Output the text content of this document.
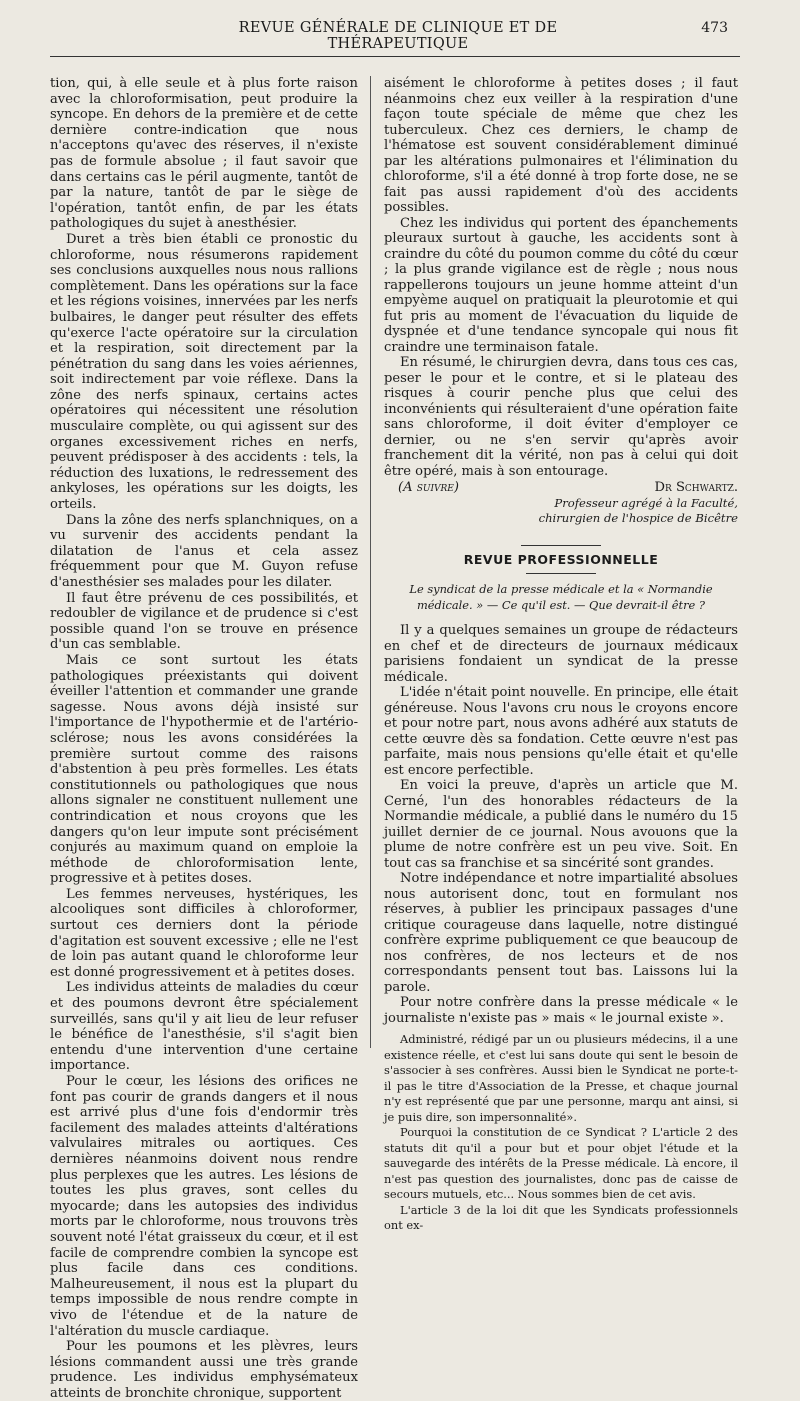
REVUE GÉNÉRALE DE CLINIQUE ET DE THÉRAPEUTIQUE
473

tion, qui, à elle seule et à plus forte raison avec la chloroformisation, peut produire la syncope. En dehors de la première et de cette dernière contre-indication que nous n'acceptons qu'avec des réserves, il n'existe pas de formule absolue ; il faut savoir que dans certains cas le péril augmente, tantôt de par la nature, tantôt de par le siège de l'opération, tantôt enfin, de par les états pathologiques du sujet à anesthésier.

Duret a très bien établi ce pronostic du chloroforme, nous résumerons rapidement ses conclusions auxquelles nous nous rallions complètement. Dans les opérations sur la face et les régions voisines, innervées par les nerfs bulbaires, le danger peut résulter des effets qu'exerce l'acte opératoire sur la circulation et la respiration, soit directement par la pénétration du sang dans les voies aériennes, soit indirectement par voie réflexe. Dans la zône des nerfs spinaux, certains actes opératoires qui nécessitent une résolution musculaire complète, ou qui agissent sur des organes excessivement riches en nerfs, peuvent prédisposer à des accidents : tels, la réduction des luxations, le redressement des ankyloses, les opérations sur les doigts, les orteils.

Dans la zône des nerfs splanchniques, on a vu survenir des accidents pendant la dilatation de l'anus et cela assez fréquemment pour que M. Guyon refuse d'anesthésier ses malades pour les dilater.

Il faut être prévenu de ces possibilités, et redoubler de vigilance et de prudence si c'est possible quand l'on se trouve en présence d'un cas semblable.

Mais ce sont surtout les états pathologiques préexistants qui doivent éveiller l'attention et commander une grande sagesse. Nous avons déjà insisté sur l'importance de l'hypothermie et de l'artério-sclérose; nous les avons considérées la première surtout comme des raisons d'abstention à peu près formelles. Les états constitutionnels ou pathologiques que nous allons signaler ne constituent nullement une contrindication et nous croyons que les dangers qu'on leur impute sont précisément conjurés au maximum quand on emploie la méthode de chloroformisation lente, progressive et à petites doses.

Les femmes nerveuses, hystériques, les alcooliques sont difficiles à chloroformer, surtout ces derniers dont la période d'agitation est souvent excessive ; elle ne l'est de loin pas autant quand le chloroforme leur est donné progressivement et à petites doses.

Les individus atteints de maladies du cœur et des poumons devront être spécialement surveillés, sans qu'il y ait lieu de leur refuser le bénéfice de l'anesthésie, s'il s'agit bien entendu d'une intervention d'une certaine importance.

Pour le cœur, les lésions des orifices ne font pas courir de grands dangers et il nous est arrivé plus d'une fois d'endormir très facilement des malades atteints d'altérations valvulaires mitrales ou aortiques. Ces dernières néanmoins doivent nous rendre plus perplexes que les autres. Les lésions de toutes les plus graves, sont celles du myocarde; dans les autopsies des individus morts par le chloroforme, nous trouvons très souvent noté l'état graisseux du cœur, et il est facile de comprendre combien la syncope est plus facile dans ces conditions. Malheureusement, il nous est la plupart du temps impossible de nous rendre compte in vivo de l'étendue et de la nature de l'altération du muscle cardiaque.

Pour les poumons et les plèvres, leurs lésions commandent aussi une très grande prudence. Les individus emphysémateux atteints de bronchite chronique, supportent

aisément le chloroforme à petites doses ; il faut néanmoins chez eux veiller à la respiration d'une façon toute spéciale de même que chez les tuberculeux. Chez ces derniers, le champ de l'hématose est souvent considérablement diminué par les altérations pulmonaires et l'élimination du chloroforme, s'il a été donné à trop forte dose, ne se fait pas aussi rapidement d'où des accidents possibles.

Chez les individus qui portent des épanchements pleuraux surtout à gauche, les accidents sont à craindre du côté du poumon comme du côté du cœur ; la plus grande vigilance est de règle ; nous nous rappellerons toujours un jeune homme atteint d'un empyème auquel on pratiquait la pleurotomie et qui fut pris au moment de l'évacuation du liquide de dyspnée et d'une tendance syncopale qui nous fit craindre une terminaison fatale.

En résumé, le chirurgien devra, dans tous ces cas, peser le pour et le contre, et si le plateau des risques à courir penche plus que celui des inconvénients qui résulteraient d'une opération faite sans chloroforme, il doit éviter d'employer ce dernier, ou ne s'en servir qu'après avoir franchement dit la vérité, non pas à celui qui doit être opéré, mais à son entourage.

(A suivre)	Dr Schwartz.

Professeur agrégé à la Faculté,

chirurgien de l'hospice de Bicêtre

REVUE PROFESSIONNELLE

Le syndicat de la presse médicale et la « Normandie médicale. » — Ce qu'il est. — Que devrait-il être ?

Il y a quelques semaines un groupe de rédacteurs en chef et de directeurs de journaux médicaux parisiens fondaient un syndicat de la presse médicale.

L'idée n'était point nouvelle. En principe, elle était généreuse. Nous l'avons cru nous le croyons encore et pour notre part, nous avons adhéré aux statuts de cette œuvre dès sa fondation. Cette œuvre n'est pas parfaite, mais nous pensions qu'elle était et qu'elle est encore perfectible.

En voici la preuve, d'après un article que M. Cerné, l'un des honorables rédacteurs de la Normandie médicale, a publié dans le numéro du 15 juillet dernier de ce journal. Nous avouons que la plume de notre confrère est un peu vive. Soit. En tout cas sa franchise et sa sincérité sont grandes.

Notre indépendance et notre impartialité absolues nous autorisent donc, tout en formulant nos réserves, à publier les principaux passages d'une critique courageuse dans laquelle, notre distingué confrère exprime publiquement ce que beaucoup de nos confrères, de nos lecteurs et de nos correspondants pensent tout bas. Laissons lui la parole.

Pour notre confrère dans la presse médicale « le journaliste n'existe pas » mais « le journal existe ».

Administré, rédigé par un ou plusieurs médecins, il a une existence réelle, et c'est lui sans doute qui sent le besoin de s'associer à ses confrères. Aussi bien le Syndicat ne porte-t-il pas le titre d'Association de la Presse, et chaque journal n'y est représenté que par une personne, marqu ant ainsi, si je puis dire, son impersonnalité».

Pourquoi la constitution de ce Syndicat ? L'article 2 des statuts dit qu'il a pour but et pour objet l'étude et la sauvegarde des intérêts de la Presse médicale. Là encore, il n'est pas question des journalistes, donc pas de caisse de secours mutuels, etc... Nous sommes bien de cet avis.

L'article 3 de la loi dit que les Syndicats professionnels ont ex-
